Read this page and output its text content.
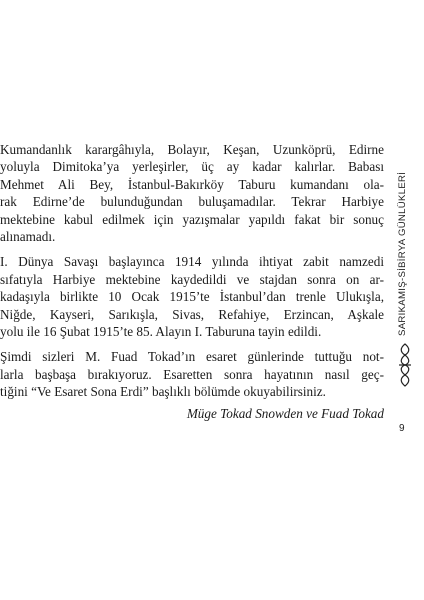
Kumandanlık karargâhıyla, Bolayır, Keşan, Uzunköprü, Edirne
yoluyla Dimitoka’ya yerleşirler, üç ay kadar kalırlar. Babası
Mehmet Ali Bey, İstanbul-Bakırköy Taburu kumandanı ola-
rak Edirne’de bulunduğundan buluşamadılar. Tekrar Harbiye
mektebine kabul edilmek için yazışmalar yapıldı fakat bir sonuç
alınamadı.

I. Dünya Savaşı başlayınca 1914 yılında ihtiyat zabit namzedi
sıfatıyla Harbiye mektebine kaydedildi ve stajdan sonra on ar-
kadaşıyla birlikte 10 Ocak 1915’te İstanbul’dan trenle Ulukışla,
Niğde, Kayseri, Sarıkışla, Sivas, Refahiye, Erzincan, Aşkale
yolu ile 16 Şubat 1915’te 85. Alayın I. Taburuna tayin edildi.

Şimdi sizleri M. Fuad Tokad’ın esaret günlerinde tuttuğu not-
larla başbaşa bırakıyoruz. Esaretten sonra hayatının nasıl geç-
tiğini “Ve Esaret Sona Erdi” başlıklı bölümde okuyabilirsiniz.

Müge Tokad Snowden ve Fuad Tokad
SARIKAMIŞ-SİBİRYA GÜNLÜKLERİ
9
